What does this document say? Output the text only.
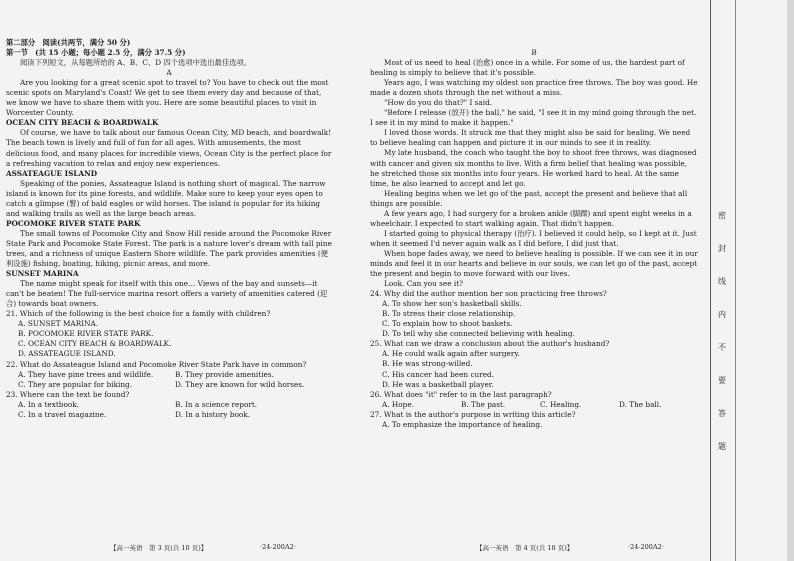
第二部分　阅读(共两节，满分 50 分)

第一节　(共 15 小题；每小题 2.5 分，满分 37.5 分)

阅读下列短文，从每题所给的 A、B、C、D 四个选项中选出最佳选项。

A

Are you looking for a great scenic spot to travel to? You have to check out the most scenic spots on Maryland's Coast! We get to see them every day and because of that, we know we have to share them with you. Here are some beautiful places to visit in Worcester County.

OCEAN CITY BEACH & BOARDWALK

Of course, we have to talk about our famous Ocean City, MD beach, and boardwalk! The beach town is lively and full of fun for all ages. With amusements, the most delicious food, and many places for incredible views, Ocean City is the perfect place for a refreshing vacation to relax and enjoy new experiences.

ASSATEAGUE ISLAND

Speaking of the ponies, Assateague Island is nothing short of magical. The narrow island is known for its pine forests, and wildlife. Make sure to keep your eyes open to catch a glimpse (瞥) of bald eagles or wild horses. The island is popular for its hiking and walking trails as well as the large beach areas.

POCOMOKE RIVER STATE PARK

The small towns of Pocomoke City and Snow Hill reside around the Pocomoke River State Park and Pocomoke State Forest. The park is a nature lover's dream with tall pine trees, and a richness of unique Eastern Shore wildlife. The park provides amenities (便利设施) fishing, boating, hiking, picnic areas, and more.

SUNSET MARINA

The name might speak for itself with this one… Views of the bay and sunsets—it can't be beaten! The full-service marina resort offers a variety of amenities catered (迎合) towards boat owners.

21. Which of the following is the best choice for a family with children?

A. SUNSET MARINA.

B. POCOMOKE RIVER STATE PARK.

C. OCEAN CITY BEACH & BOARDWALK.

D. ASSATEAGUE ISLAND.

22. What do Assateague Island and Pocomoke River State Park have in common?

A. They have pine trees and wildlife.	B. They provide amenities.
C. They are popular for biking.	D. They are known for wild horses.

23. Where can the text be found?

A. In a textbook.	B. In a science report.
C. In a travel magazine.	D. In a history book.
【高一英语　第 3 页(共 10 页)】	·24-200A2·

B

Most of us need to heal (治愈) once in a while. For some of us, the hardest part of healing is simply to believe that it's possible.

Years ago, I was watching my oldest son practice free throws. The boy was good. He made a dozen shots through the net without a miss.

"How do you do that?" I said.

"Before I release (放开) the ball," he said, "I see it in my mind going through the net. I see it in my mind to make it happen."

I loved those words. It struck me that they might also be said for healing. We need to believe healing can happen and picture it in our minds to see it in reality.

My late husband, the coach who taught the boy to shoot free throws, was diagnosed with cancer and given six months to live. With a firm belief that healing was possible, he stretched those six months into four years. He worked hard to heal. At the same time, he also learned to accept and let go.

Healing begins when we let go of the past, accept the present and believe that all things are possible.

A few years ago, I had surgery for a broken ankle (脚踝) and spent eight weeks in a wheelchair. I expected to start walking again. That didn't happen.

I started going to physical therapy (治疗). I believed it could help, so I kept at it. Just when it seemed I'd never again walk as I did before, I did just that.

When hope fades away, we need to believe healing is possible. If we can see it in our minds and feel it in our hearts and believe in our souls, we can let go of the past, accept the present and begin to move forward with our lives.

Look. Can you see it?

24. Why did the author mention her son practicing free throws?

A. To show her son's basketball skills.

B. To stress their close relationship.

C. To explain how to shoot baskets.

D. To tell why she connected believing with healing.

25. What can we draw a conclusion about the author's husband?

A. He could walk again after surgery.

B. He was strong-willed.

C. His cancer had been cured.

D. He was a basketball player.

26. What does "it" refer to in the last paragraph?

A. Hope.	B. The past.	C. Healing.	D. The ball.

27. What is the author's purpose in writing this article?

A. To emphasize the importance of healing.

【高一英语　第 4 页(共 10 页)】	·24-200A2·
密
封
线
内
不
要
答
题
